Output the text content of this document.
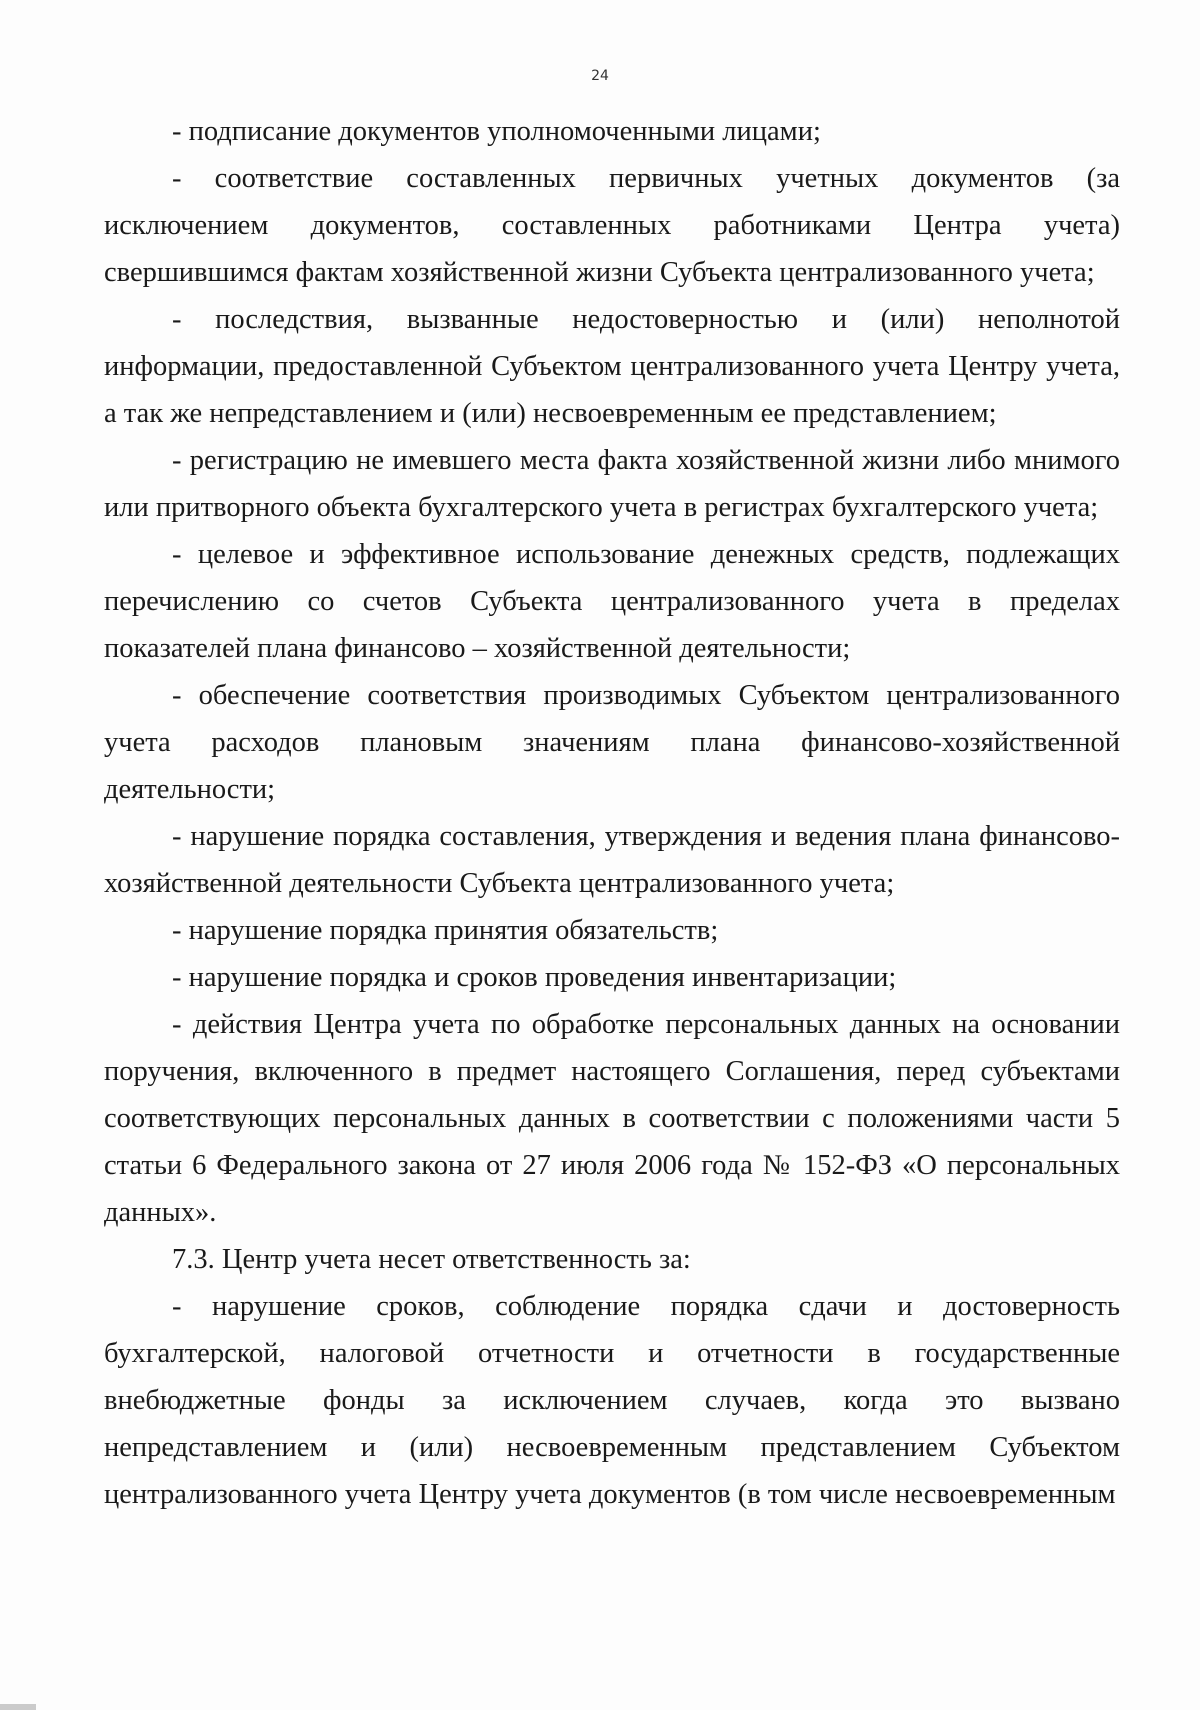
24

- подписание документов уполномоченными лицами;

- соответствие составленных первичных учетных документов (за исключением документов, составленных работниками Центра учета) свершившимся фактам хозяйственной жизни Субъекта централизованного учета;

- последствия, вызванные недостоверностью и (или) неполнотой информации, предоставленной Субъектом централизованного учета Центру учета, а так же непредставлением и (или) несвоевременным ее представлением;

- регистрацию не имевшего места факта хозяйственной жизни либо мнимого или притворного объекта бухгалтерского учета в регистрах бухгалтерского учета;

- целевое и эффективное использование денежных средств, подлежащих перечислению со счетов Субъекта централизованного учета в пределах показателей плана финансово – хозяйственной деятельности;

- обеспечение соответствия производимых Субъектом централизованного учета расходов плановым значениям плана финансово-хозяйственной деятельности;

- нарушение порядка составления, утверждения и ведения плана финансово-хозяйственной деятельности Субъекта централизованного учета;

- нарушение порядка принятия обязательств;

- нарушение порядка и сроков проведения инвентаризации;

- действия Центра учета по обработке персональных данных на основании поручения, включенного в предмет настоящего Соглашения, перед субъектами соответствующих персональных данных в соответствии с положениями части 5 статьи 6 Федерального закона от 27 июля 2006 года № 152-ФЗ «О персональных данных».

7.3. Центр учета несет ответственность за:

- нарушение сроков, соблюдение порядка сдачи и достоверность бухгалтерской, налоговой отчетности и отчетности в государственные внебюджетные фонды за исключением случаев, когда это вызвано непредставлением и (или) несвоевременным представлением Субъектом централизованного учета Центру учета документов (в том числе несвоевременным
